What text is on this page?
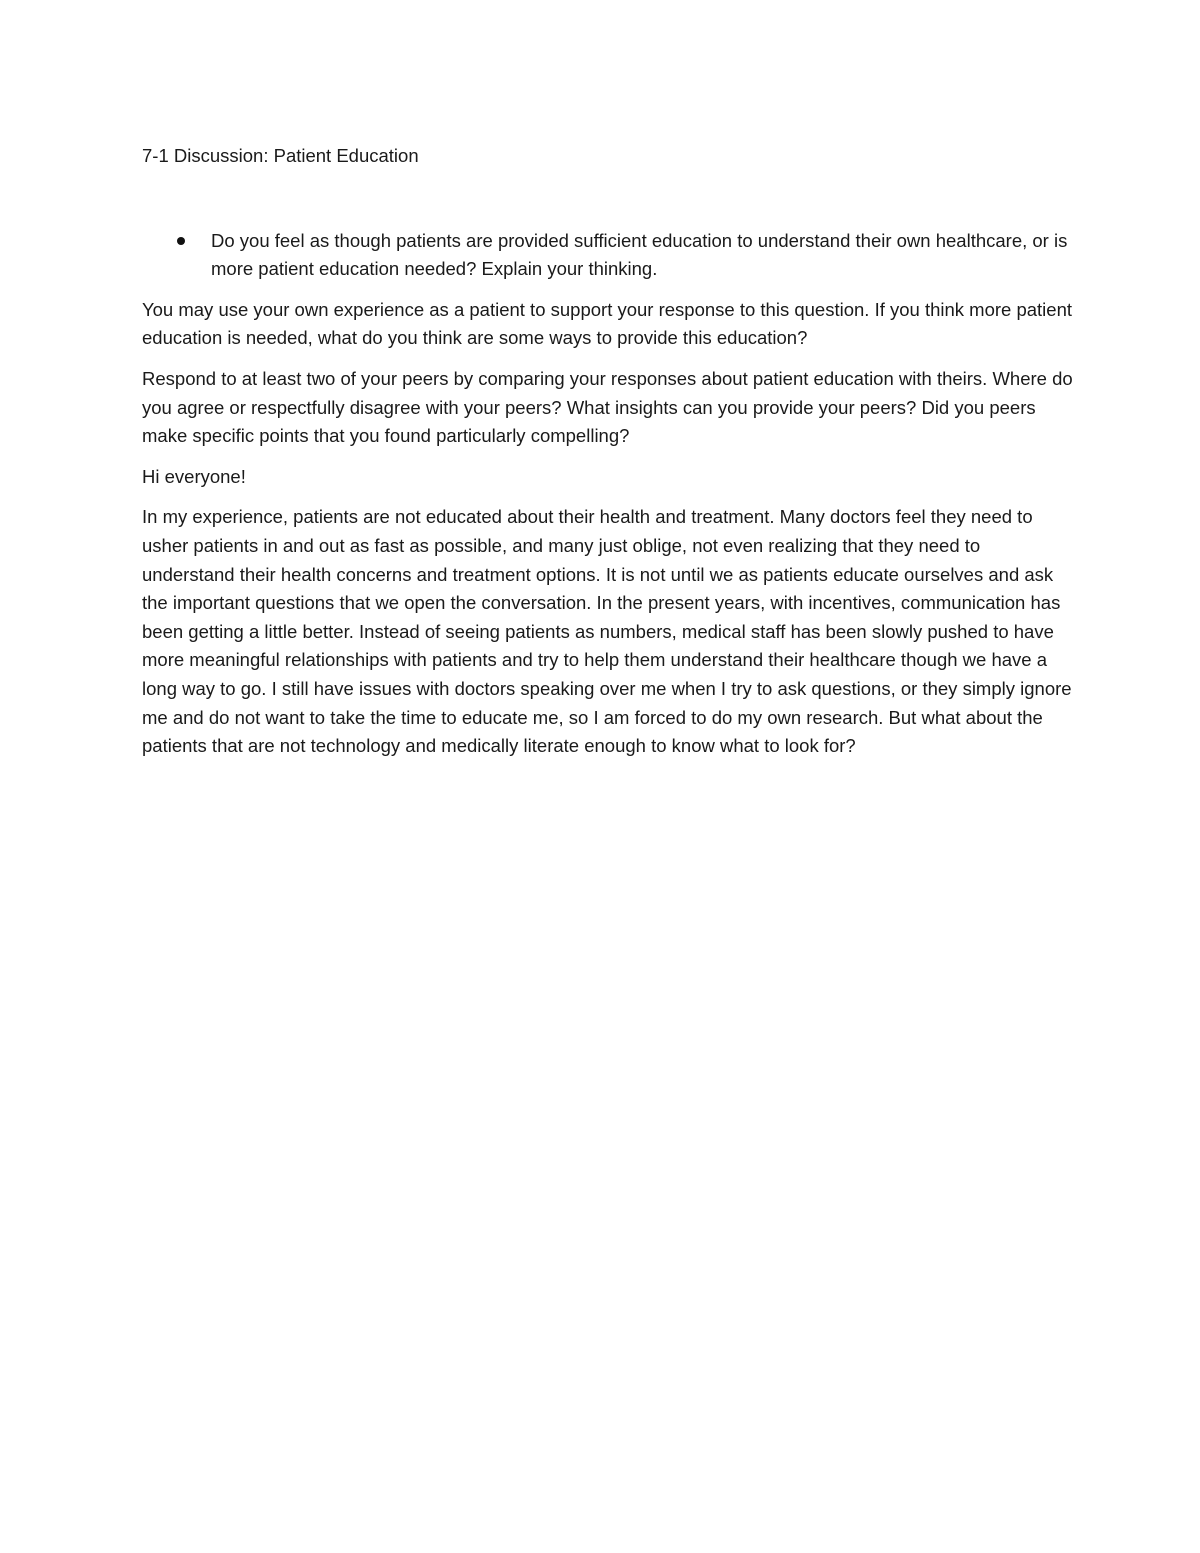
7-1 Discussion: Patient Education
Do you feel as though patients are provided sufficient education to understand their own healthcare, or is more patient education needed? Explain your thinking.

You may use your own experience as a patient to support your response to this question. If you think more patient education is needed, what do you think are some ways to provide this education?

Respond to at least two of your peers by comparing your responses about patient education with theirs. Where do you agree or respectfully disagree with your peers? What insights can you provide your peers? Did you peers make specific points that you found particularly compelling?

Hi everyone!

In my experience, patients are not educated about their health and treatment. Many doctors feel they need to usher patients in and out as fast as possible, and many just oblige, not even realizing that they need to understand their health concerns and treatment options. It is not until we as patients educate ourselves and ask the important questions that we open the conversation. In the present years, with incentives, communication has been getting a little better. Instead of seeing patients as numbers, medical staff has been slowly pushed to have more meaningful relationships with patients and try to help them understand their healthcare though we have a long way to go. I still have issues with doctors speaking over me when I try to ask questions, or they simply ignore me and do not want to take the time to educate me, so I am forced to do my own research. But what about the patients that are not technology and medically literate enough to know what to look for?
